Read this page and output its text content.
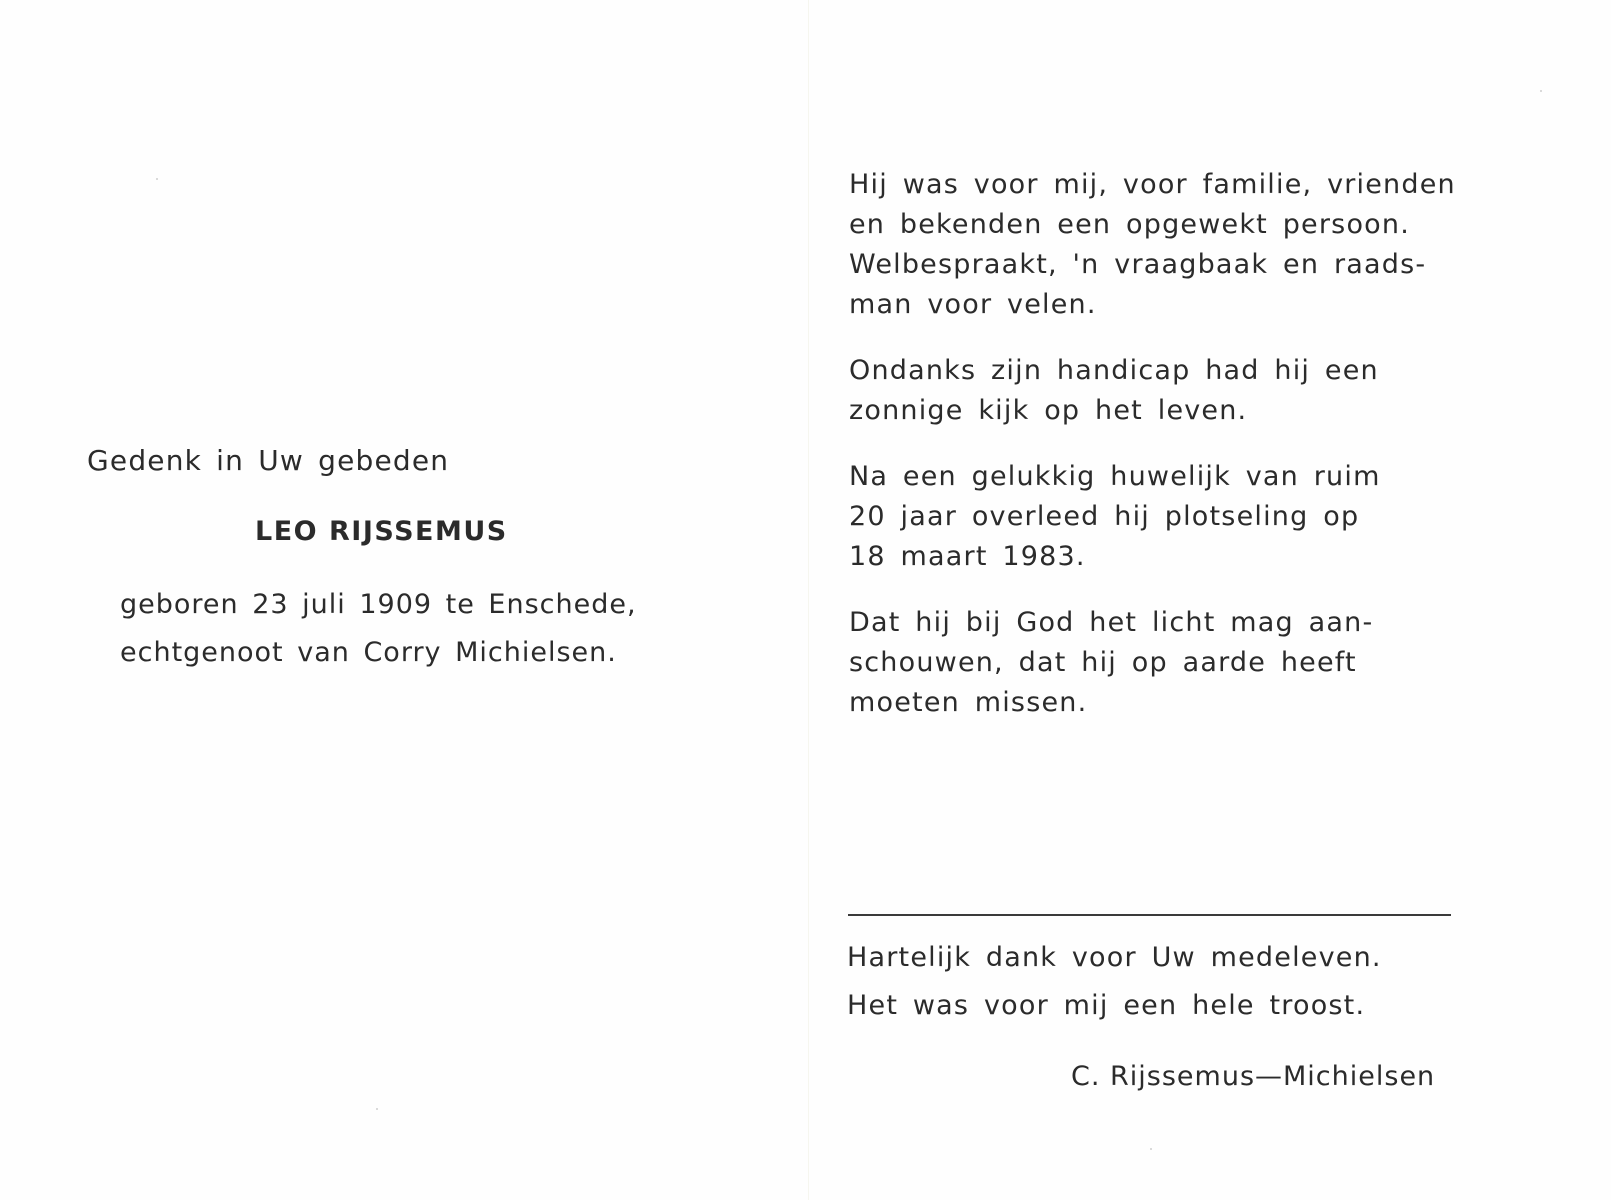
Gedenk in Uw gebeden
LEO RIJSSEMUS
geboren 23 juli 1909 te Enschede,
echtgenoot van Corry Michielsen.

Hij was voor mij, voor familie, vrienden
en bekenden een opgewekt persoon.
Welbespraakt, 'n vraagbaak en raads-
man voor velen.

Ondanks zijn handicap had hij een
zonnige kijk op het leven.

Na een gelukkig huwelijk van ruim
20 jaar overleed hij plotseling op
18 maart 1983.

Dat hij bij God het licht mag aan-
schouwen, dat hij op aarde heeft
moeten missen.

Hartelijk dank voor Uw medeleven.
Het was voor mij een hele troost.
C. Rijssemus—Michielsen
